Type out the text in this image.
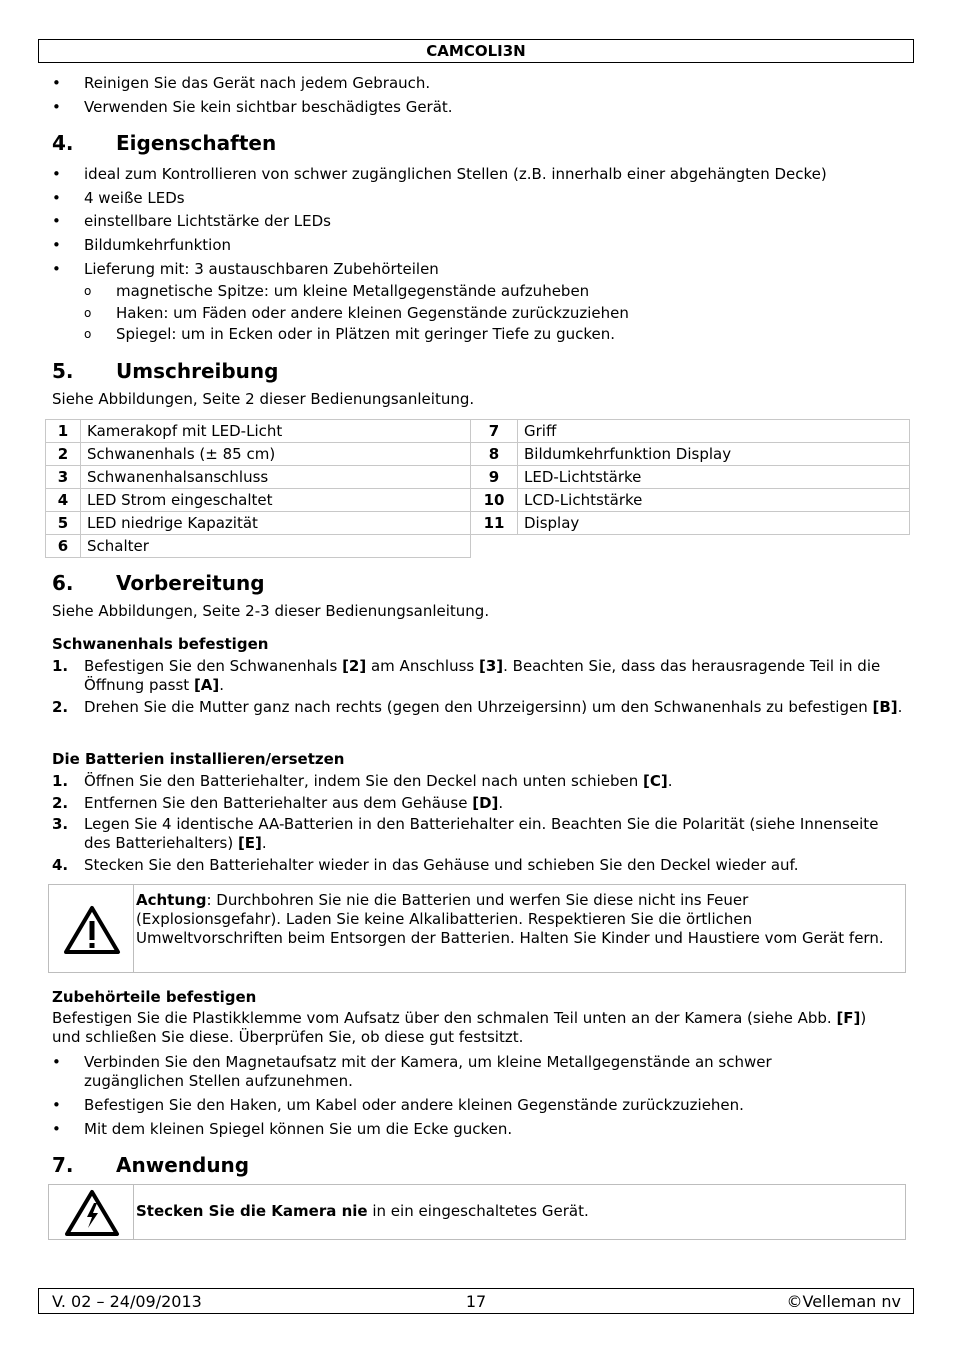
CAMCOLI3N
Reinigen Sie das Gerät nach jedem Gebrauch.
Verwenden Sie kein sichtbar beschädigtes Gerät.
4. Eigenschaften
ideal zum Kontrollieren von schwer zugänglichen Stellen (z.B. innerhalb einer abgehängten Decke)
4 weiße LEDs
einstellbare Lichtstärke der LEDs
Bildumkehrfunktion
Lieferung mit: 3 austauschbaren Zubehörteilen
o magnetische Spitze: um kleine Metallgegenstände aufzuheben
o Haken: um Fäden oder andere kleinen Gegenstände zurückzuziehen
o Spiegel: um in Ecken oder in Plätzen mit geringer Tiefe zu gucken.
5. Umschreibung
Siehe Abbildungen, Seite 2 dieser Bedienungsanleitung.
1	Kamerakopf mit LED-Licht
2	Schwanenhals (± 85 cm)
3	Schwanenhalsanschluss
4	LED Strom eingeschaltet
5	LED niedrige Kapazität
6	Schalter
7	Griff
8	Bildumkehrfunktion Display
9	LED-Lichtstärke
10	LCD-Lichtstärke
11	Display
6. Vorbereitung
Siehe Abbildungen, Seite 2-3 dieser Bedienungsanleitung.
Schwanenhals befestigen
1. Befestigen Sie den Schwanenhals [2] am Anschluss [3]. Beachten Sie, dass das herausragende Teil in die Öffnung passt [A].
2. Drehen Sie die Mutter ganz nach rechts (gegen den Uhrzeigersinn) um den Schwanenhals zu befestigen [B].
Die Batterien installieren/ersetzen
1. Öffnen Sie den Batteriehalter, indem Sie den Deckel nach unten schieben [C].
2. Entfernen Sie den Batteriehalter aus dem Gehäuse [D].
3. Legen Sie 4 identische AA-Batterien in den Batteriehalter ein. Beachten Sie die Polarität (siehe Innenseite des Batteriehalters) [E].
4. Stecken Sie den Batteriehalter wieder in das Gehäuse und schieben Sie den Deckel wieder auf.
Achtung: Durchbohren Sie nie die Batterien und werfen Sie diese nicht ins Feuer (Explosionsgefahr). Laden Sie keine Alkalibatterien. Respektieren Sie die örtlichen Umweltvorschriften beim Entsorgen der Batterien. Halten Sie Kinder und Haustiere vom Gerät fern.
Zubehörteile befestigen
Befestigen Sie die Plastikklemme vom Aufsatz über den schmalen Teil unten an der Kamera (siehe Abb. [F]) und schließen Sie diese. Überprüfen Sie, ob diese gut festsitzt.
Verbinden Sie den Magnetaufsatz mit der Kamera, um kleine Metallgegenstände an schwer zugänglichen Stellen aufzunehmen.
Befestigen Sie den Haken, um Kabel oder andere kleinen Gegenstände zurückzuziehen.
Mit dem kleinen Spiegel können Sie um die Ecke gucken.
7. Anwendung
Stecken Sie die Kamera nie in ein eingeschaltetes Gerät.
V. 02 – 24/09/2013	17	©Velleman nv
